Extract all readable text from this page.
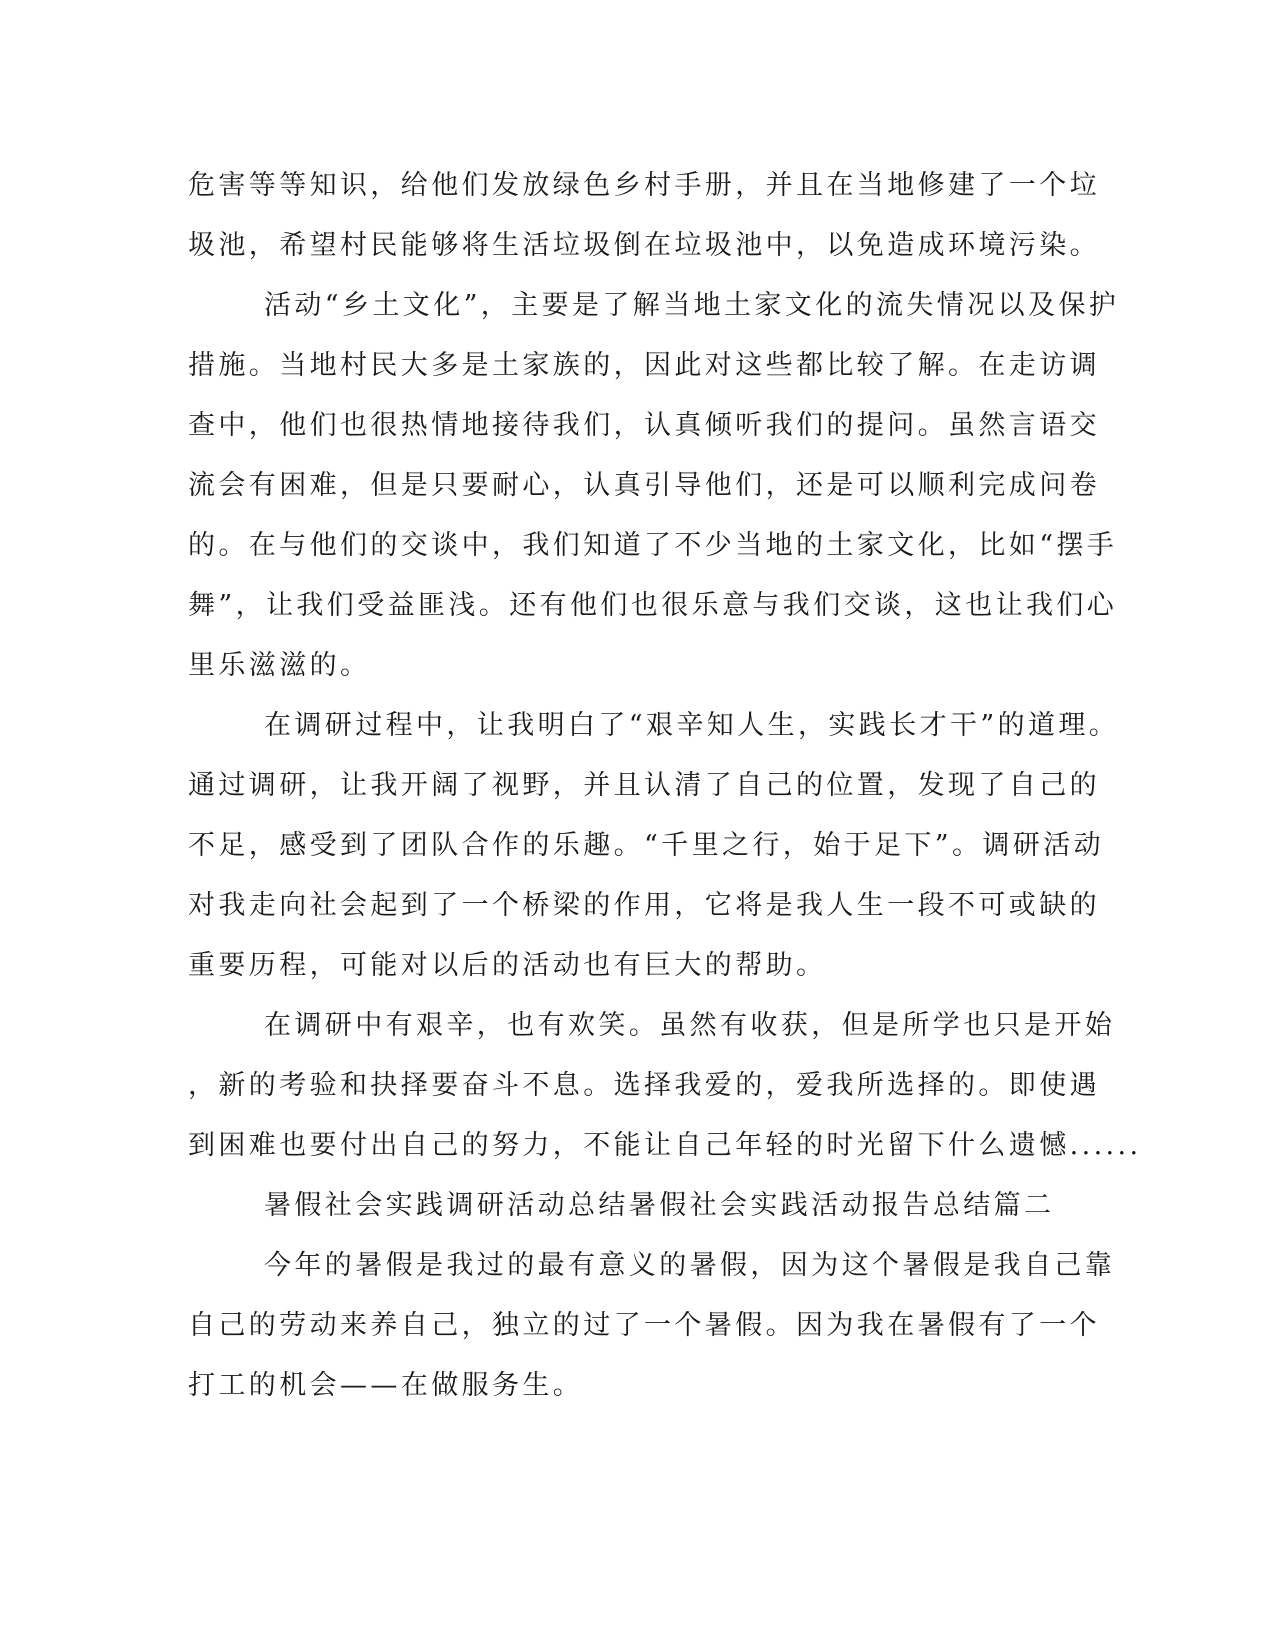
危害等等知识，给他们发放绿色乡村手册，并且在当地修建了一个垃
圾池，希望村民能够将生活垃圾倒在垃圾池中，以免造成环境污染。
活动“乡土文化”，主要是了解当地土家文化的流失情况以及保护
措施。当地村民大多是土家族的，因此对这些都比较了解。在走访调
查中，他们也很热情地接待我们，认真倾听我们的提问。虽然言语交
流会有困难，但是只要耐心，认真引导他们，还是可以顺利完成问卷
的。在与他们的交谈中，我们知道了不少当地的土家文化，比如“摆手
舞”，让我们受益匪浅。还有他们也很乐意与我们交谈，这也让我们心
里乐滋滋的。
在调研过程中，让我明白了“艰辛知人生，实践长才干”的道理。
通过调研，让我开阔了视野，并且认清了自己的位置，发现了自己的
不足，感受到了团队合作的乐趣。“千里之行，始于足下”。调研活动
对我走向社会起到了一个桥梁的作用，它将是我人生一段不可或缺的
重要历程，可能对以后的活动也有巨大的帮助。
在调研中有艰辛，也有欢笑。虽然有收获，但是所学也只是开始
，新的考验和抉择要奋斗不息。选择我爱的，爱我所选择的。即使遇
到困难也要付出自己的努力，不能让自己年轻的时光留下什么遗憾......
暑假社会实践调研活动总结暑假社会实践活动报告总结篇二
今年的暑假是我过的最有意义的暑假，因为这个暑假是我自己靠
自己的劳动来养自己，独立的过了一个暑假。因为我在暑假有了一个
打工的机会——在做服务生。
